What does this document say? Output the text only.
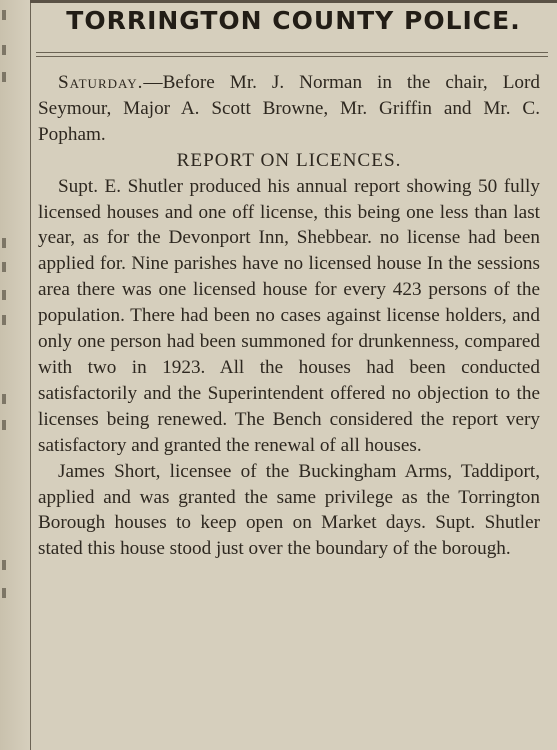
TORRINGTON COUNTY POLICE.

Saturday.—Before Mr. J. Norman in the chair, Lord Seymour, Major A. Scott Browne, Mr. Griffin and Mr. C. Popham.

REPORT ON LICENCES.

Supt. E. Shutler produced his annual report showing 50 fully licensed houses and one off license, this being one less than last year, as for the Devonport Inn, Shebbear. no license had been applied for. Nine parishes have no licensed house In the sessions area there was one licensed house for every 423 persons of the population. There had been no cases against license holders, and only one person had been summoned for drunkenness, compared with two in 1923. All the houses had been conducted satisfactorily and the Superintendent offered no objection to the licenses being renewed. The Bench considered the report very satisfactory and granted the renewal of all houses.

James Short, licensee of the Buckingham Arms, Taddiport, applied and was granted the same privilege as the Torrington Borough houses to keep open on Market days. Supt. Shutler stated this house stood just over the boundary of the borough.
